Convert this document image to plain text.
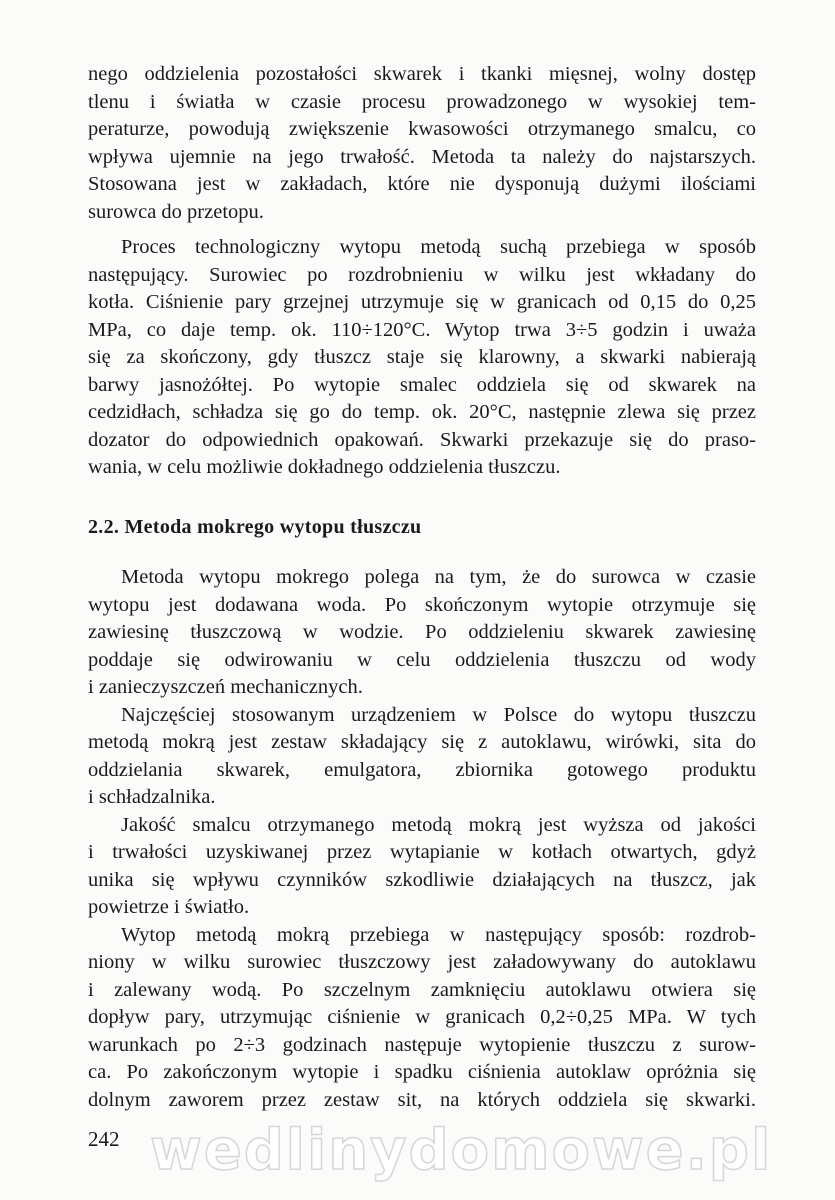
nego oddzielenia pozostałości skwarek i tkanki mięsnej, wolny dostęp
tlenu i światła w czasie procesu prowadzonego w wysokiej tem-
peraturze, powodują zwiększenie kwasowości otrzymanego smalcu, co
wpływa ujemnie na jego trwałość. Metoda ta należy do najstarszych.
Stosowana jest w zakładach, które nie dysponują dużymi ilościami
surowca do przetopu.
Proces technologiczny wytopu metodą suchą przebiega w sposób
następujący. Surowiec po rozdrobnieniu w wilku jest wkładany do
kotła. Ciśnienie pary grzejnej utrzymuje się w granicach od 0,15 do 0,25
MPa, co daje temp. ok. 110÷120°C. Wytop trwa 3÷5 godzin i uważa
się za skończony, gdy tłuszcz staje się klarowny, a skwarki nabierają
barwy jasnożółtej. Po wytopie smalec oddziela się od skwarek na
cedzidłach, schładza się go do temp. ok. 20°C, następnie zlewa się przez
dozator do odpowiednich opakowań. Skwarki przekazuje się do praso-
wania, w celu możliwie dokładnego oddzielenia tłuszczu.
2.2. Metoda mokrego wytopu tłuszczu
Metoda wytopu mokrego polega na tym, że do surowca w czasie
wytopu jest dodawana woda. Po skończonym wytopie otrzymuje się
zawiesinę tłuszczową w wodzie. Po oddzieleniu skwarek zawiesinę
poddaje się odwirowaniu w celu oddzielenia tłuszczu od wody
i zanieczyszczeń mechanicznych.
Najczęściej stosowanym urządzeniem w Polsce do wytopu tłuszczu
metodą mokrą jest zestaw składający się z autoklawu, wirówki, sita do
oddzielania skwarek, emulgatora, zbiornika gotowego produktu
i schładzalnika.
Jakość smalcu otrzymanego metodą mokrą jest wyższa od jakości
i trwałości uzyskiwanej przez wytapianie w kotłach otwartych, gdyż
unika się wpływu czynników szkodliwie działających na tłuszcz, jak
powietrze i światło.
Wytop metodą mokrą przebiega w następujący sposób: rozdrob-
niony w wilku surowiec tłuszczowy jest załadowywany do autoklawu
i zalewany wodą. Po szczelnym zamknięciu autoklawu otwiera się
dopływ pary, utrzymując ciśnienie w granicach 0,2÷0,25 MPa. W tych
warunkach po 2÷3 godzinach następuje wytopienie tłuszczu z surow-
ca. Po zakończonym wytopie i spadku ciśnienia autoklaw opróżnia się
dolnym zaworem przez zestaw sit, na których oddziela się skwarki.
242 wedlinydomowe.pl
